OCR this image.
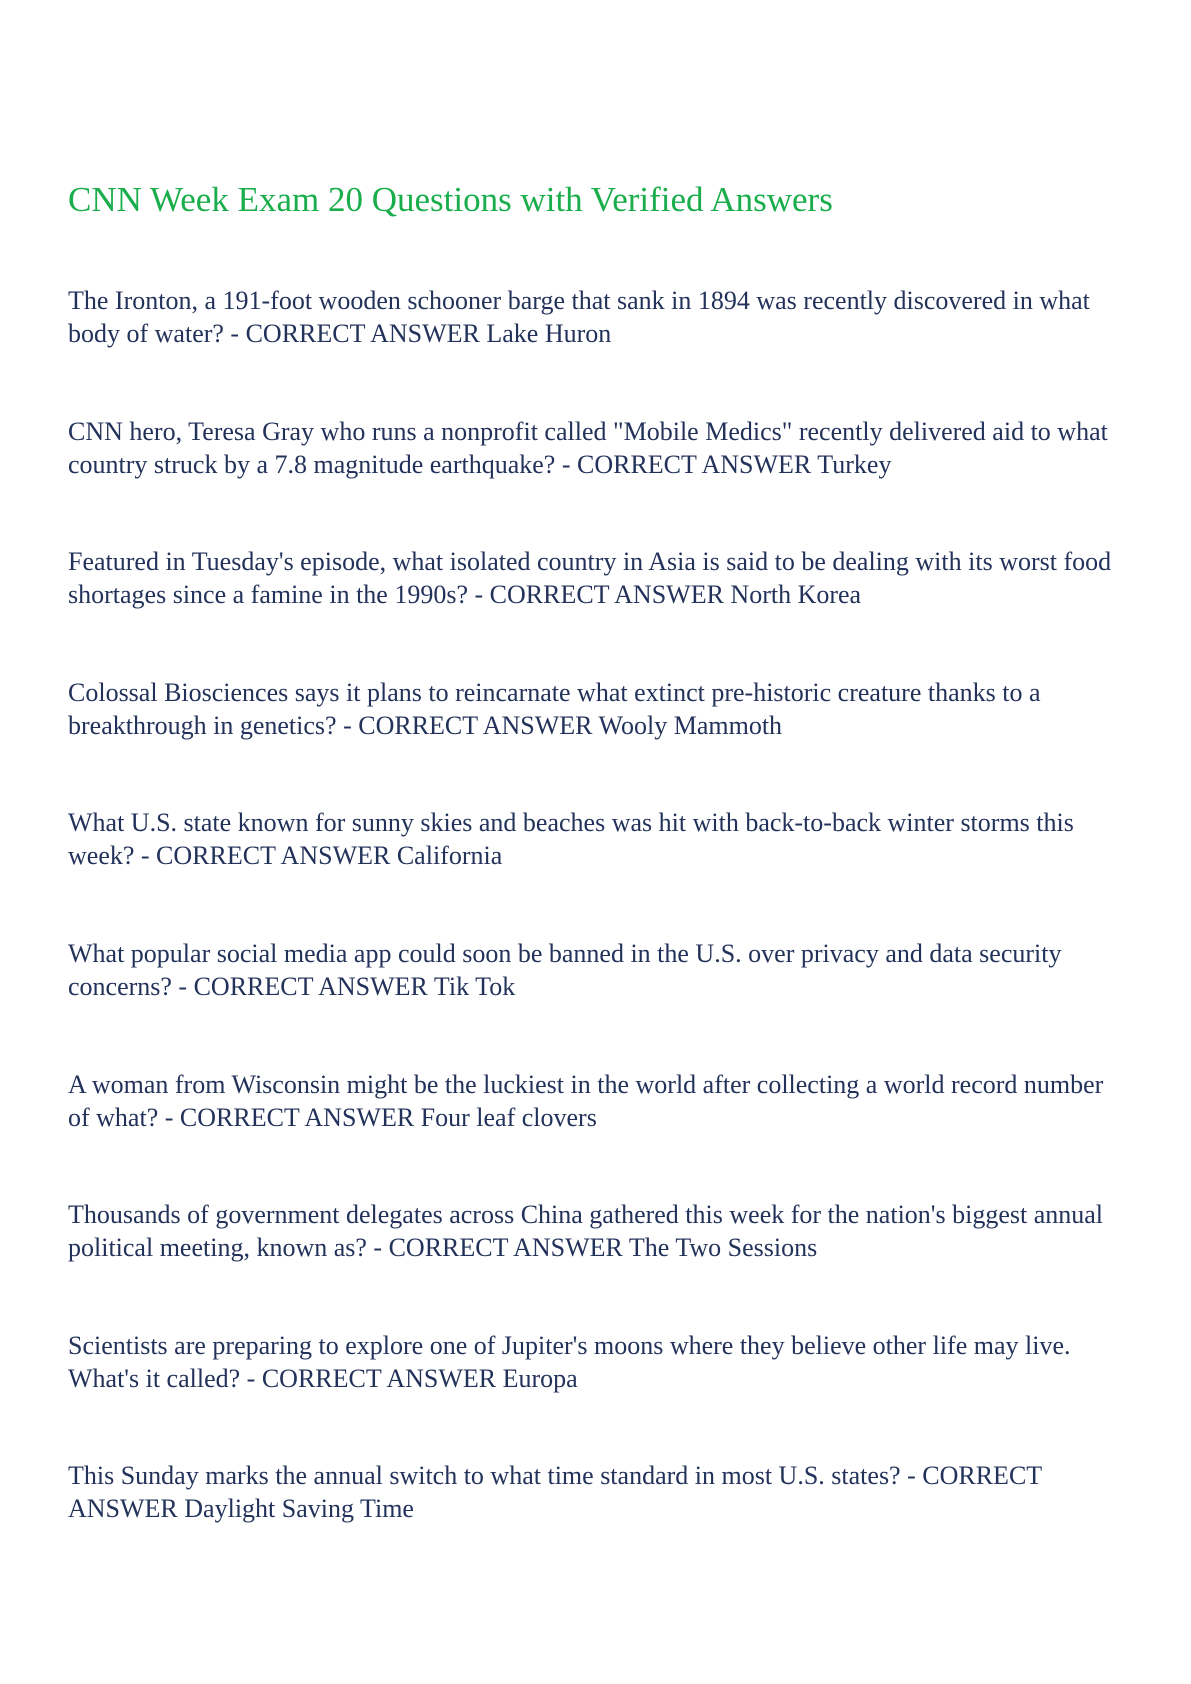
CNN Week Exam 20 Questions with Verified Answers

The Ironton, a 191-foot wooden schooner barge that sank in 1894 was recently discovered in what body of water? - CORRECT ANSWER Lake Huron

CNN hero, Teresa Gray who runs a nonprofit called "Mobile Medics" recently delivered aid to what country struck by a 7.8 magnitude earthquake? - CORRECT ANSWER Turkey

Featured in Tuesday's episode, what isolated country in Asia is said to be dealing with its worst food shortages since a famine in the 1990s? - CORRECT ANSWER North Korea

Colossal Biosciences says it plans to reincarnate what extinct pre-historic creature thanks to a breakthrough in genetics? - CORRECT ANSWER Wooly Mammoth

What U.S. state known for sunny skies and beaches was hit with back-to-back winter storms this week? - CORRECT ANSWER California

What popular social media app could soon be banned in the U.S. over privacy and data security concerns? - CORRECT ANSWER Tik Tok

A woman from Wisconsin might be the luckiest in the world after collecting a world record number of what? - CORRECT ANSWER Four leaf clovers

Thousands of government delegates across China gathered this week for the nation's biggest annual political meeting, known as? - CORRECT ANSWER The Two Sessions

Scientists are preparing to explore one of Jupiter's moons where they believe other life may live. What's it called? - CORRECT ANSWER Europa

This Sunday marks the annual switch to what time standard in most U.S. states? - CORRECT ANSWER Daylight Saving Time
